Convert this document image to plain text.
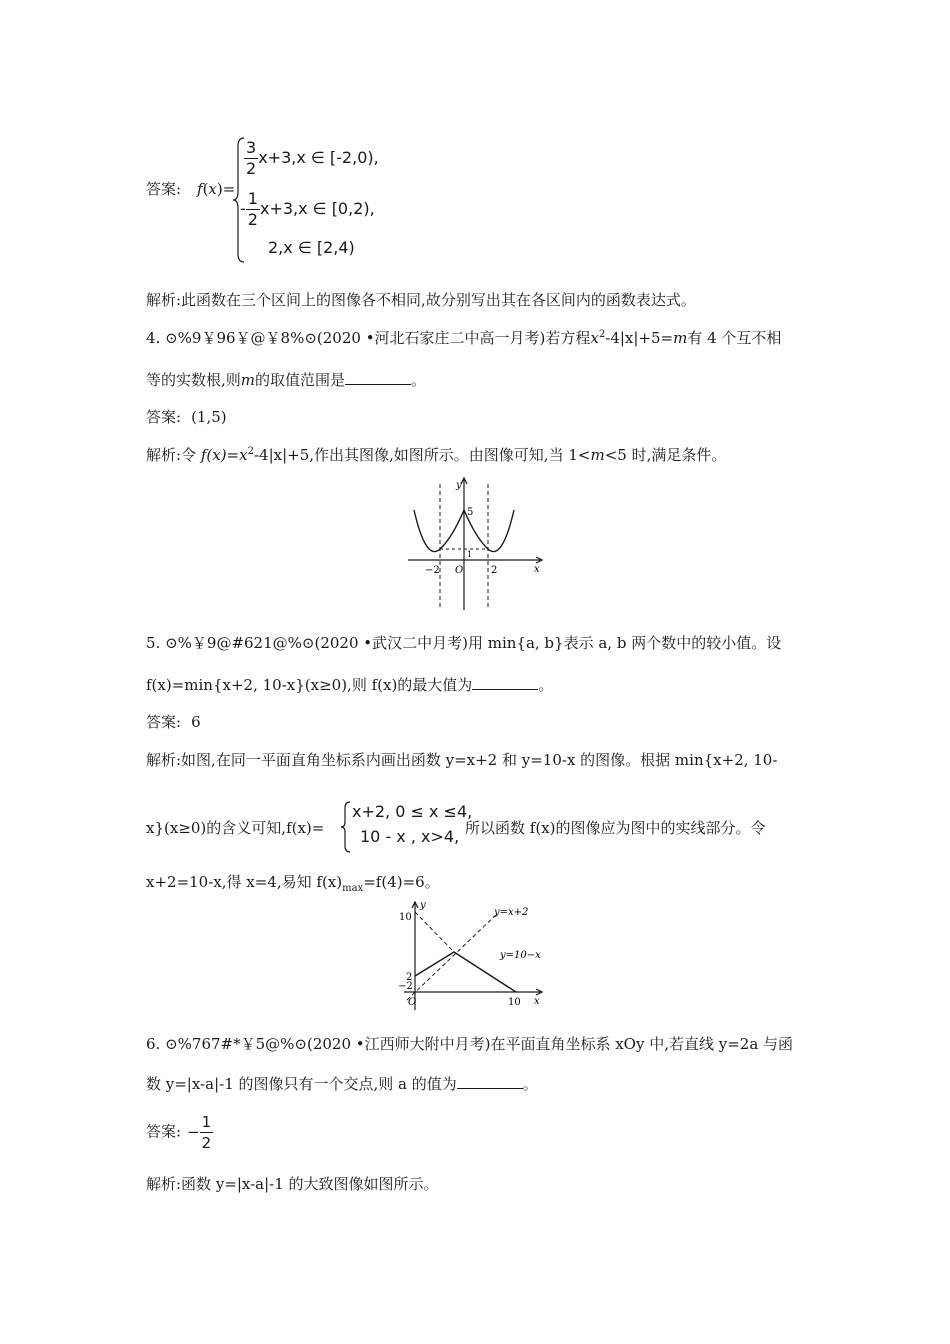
答案: f(x)=
$\frac{3}{2} x+3,x$ ∈ [-2,0),
- $\frac{1}{2} x+3,x$ ∈ [0,2),
2,x ∈ [2,4)
解析:此函数在三个区间上的图像各不相同,故分别写出其在各区间内的函数表达式。
4. ⊙%9￥96￥@￥8%⊙(2020 •河北石家庄二中高一月考)若方程$x^2-4|x|+5=m$有 4 个互不相
等的实数根,则m的取值范围是	。
答案: (1,5)
解析:令 $f(x)=x^2-4|x|+5$,作出其图像,如图所示。由图像可知,当 1<m<5 时,满足条件。
y
x
O
−2	2
5
1
5. ⊙%￥9@#621@%⊙(2020 •武汉二中月考)用 min{a, b}表示 a, b 两个数中的较小值。设
f(x)=min{x+2, 10-x}(x≥0),则 f(x)的最大值为	。
答案: 6
解析:如图,在同一平面直角坐标系内画出函数 y=x+2 和 y=10-x 的图像。根据 min{x+2, 10-
x}(x≥0)的含义可知,f(x)=
x+2, 0 ≤ x ≤4,
10 - x , x>4, 所以函数 f(x)的图像应为图中的实线部分。令
x+2=10-x,得 x=4,易知 $f(x)_{max}=f(4)=6$。
10
y
2
−2
O	10 x
y=x+2
y=10−x
6. ⊙%767#*￥5@%⊙(2020 •江西师大附中月考)在平面直角坐标系 xOy 中,若直线 y=2a 与函
数 y=|x-a|-1 的图像只有一个交点,则 a 的值为	。
答案: − $\frac{1}{2}$
解析:函数 y=|x-a|-1 的大致图像如图所示。
